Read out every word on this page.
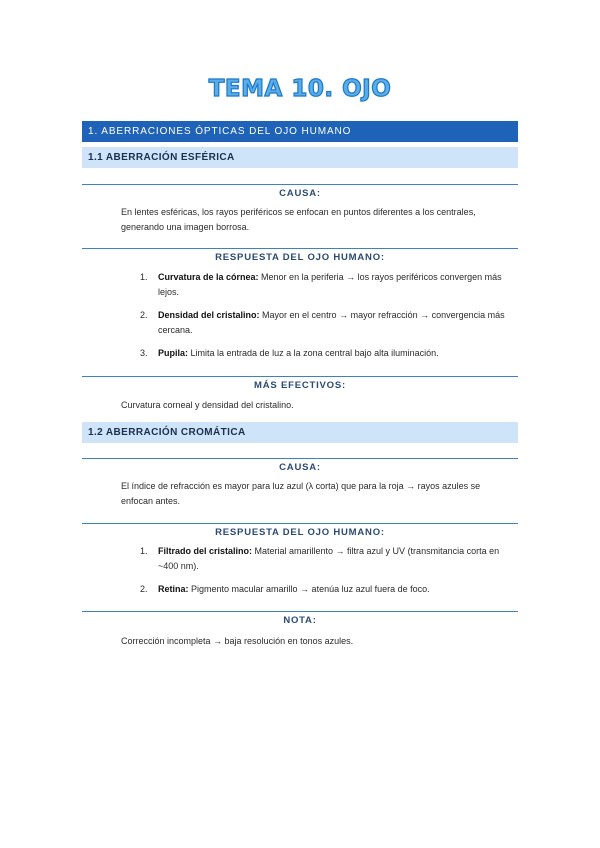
TEMA 10. OJO
1. ABERRACIONES ÓPTICAS DEL OJO HUMANO
1.1 ABERRACIÓN ESFÉRICA
CAUSA:
En lentes esféricas, los rayos periféricos se enfocan en puntos diferentes a los centrales, generando una imagen borrosa.
RESPUESTA DEL OJO HUMANO:
1. Curvatura de la córnea: Menor en la periferia → los rayos periféricos convergen más lejos.
2. Densidad del cristalino: Mayor en el centro → mayor refracción → convergencia más cercana.
3. Pupila: Limita la entrada de luz a la zona central bajo alta iluminación.
MÁS EFECTIVOS:
Curvatura corneal y densidad del cristalino.
1.2 ABERRACIÓN CROMÁTICA
CAUSA:
El índice de refracción es mayor para luz azul (λ corta) que para la roja → rayos azules se enfocan antes.
RESPUESTA DEL OJO HUMANO:
1. Filtrado del cristalino: Material amarillento → filtra azul y UV (transmitancia corta en ~400 nm).
2. Retina: Pigmento macular amarillo → atenúa luz azul fuera de foco.
NOTA:
Corrección incompleta → baja resolución en tonos azules.
